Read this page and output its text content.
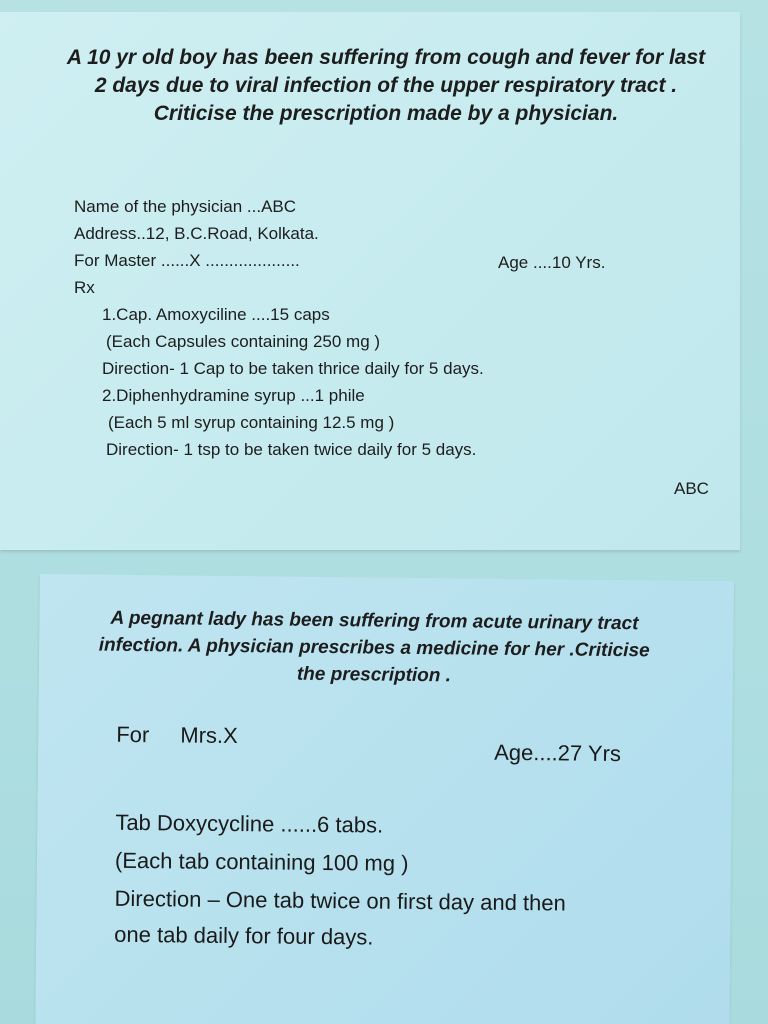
A 10 yr old boy has been suffering from cough and fever for last 2 days due to viral infection of the upper respiratory tract . Criticise the prescription made by a physician.

Name of the physician ...ABC
Address..12, B.C.Road, Kolkata.
For Master ......X ....................	Age ....10 Yrs.
Rx
1.Cap. Amoxyciline ....15 caps
(Each Capsules containing 250 mg )
Direction- 1 Cap to be taken thrice daily for 5 days.
2.Diphenhydramine syrup ...1 phile
(Each 5 ml syrup containing 12.5 mg )
Direction- 1 tsp to be taken twice daily for 5 days.
ABC

A pegnant lady has been suffering from acute urinary tract infection. A physician prescribes a medicine for her .Criticise the prescription .

For Mrs.X
Age....27 Yrs
Tab Doxycycline ......6 tabs.
(Each tab containing 100 mg )
Direction – One tab twice on first day and then
one tab daily for four days.
